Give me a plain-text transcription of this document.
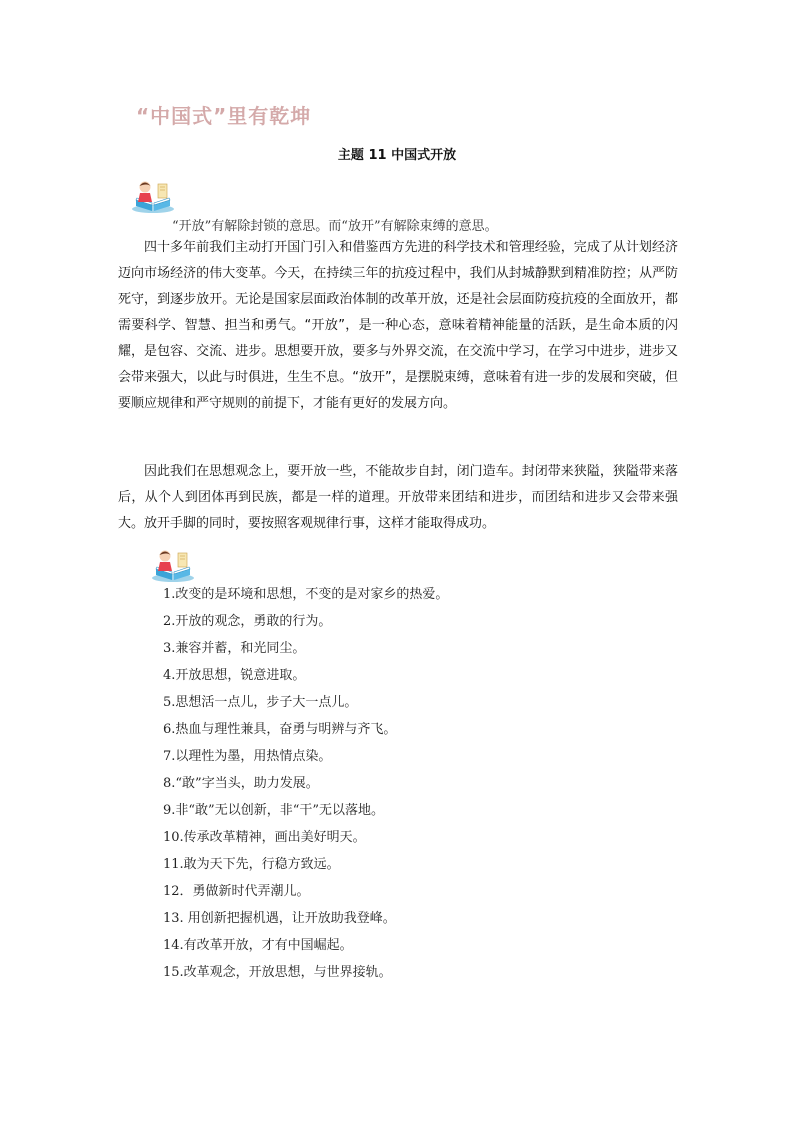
“中国式”里有乾坤
主题 11 中国式开放
“开放”有解除封锁的意思。而“放开”有解除束缚的意思。

四十多年前我们主动打开国门引入和借鉴西方先进的科学技术和管理经验，完成了从计划经济迈向市场经济的伟大变革。今天，在持续三年的抗疫过程中，我们从封城静默到精准防控；从严防死守，到逐步放开。无论是国家层面政治体制的改革开放，还是社会层面防疫抗疫的全面放开，都需要科学、智慧、担当和勇气。“开放”，是一种心态，意味着精神能量的活跃，是生命本质的闪耀，是包容、交流、进步。思想要开放，要多与外界交流，在交流中学习，在学习中进步，进步又会带来强大，以此与时俱进，生生不息。“放开”，是摆脱束缚，意味着有进一步的发展和突破，但要顺应规律和严守规则的前提下，才能有更好的发展方向。

因此我们在思想观念上，要开放一些，不能故步自封，闭门造车。封闭带来狭隘，狭隘带来落后，从个人到团体再到民族，都是一样的道理。开放带来团结和进步，而团结和进步又会带来强大。放开手脚的同时，要按照客观规律行事，这样才能取得成功。

1.改变的是环境和思想，不变的是对家乡的热爱。
2.开放的观念，勇敢的行为。
3.兼容并蓄，和光同尘。
4.开放思想，锐意进取。
5.思想活一点儿，步子大一点儿。
6.热血与理性兼具，奋勇与明辨与齐飞。
7.以理性为墨，用热情点染。
8.“敢”字当头，助力发展。
9.非“敢”无以创新，非“干”无以落地。
10.传承改革精神，画出美好明天。
11.敢为天下先，行稳方致远。
12．勇做新时代弄潮儿。
13. 用创新把握机遇，让开放助我登峰。
14.有改革开放，才有中国崛起。
15.改革观念，开放思想，与世界接轨。
